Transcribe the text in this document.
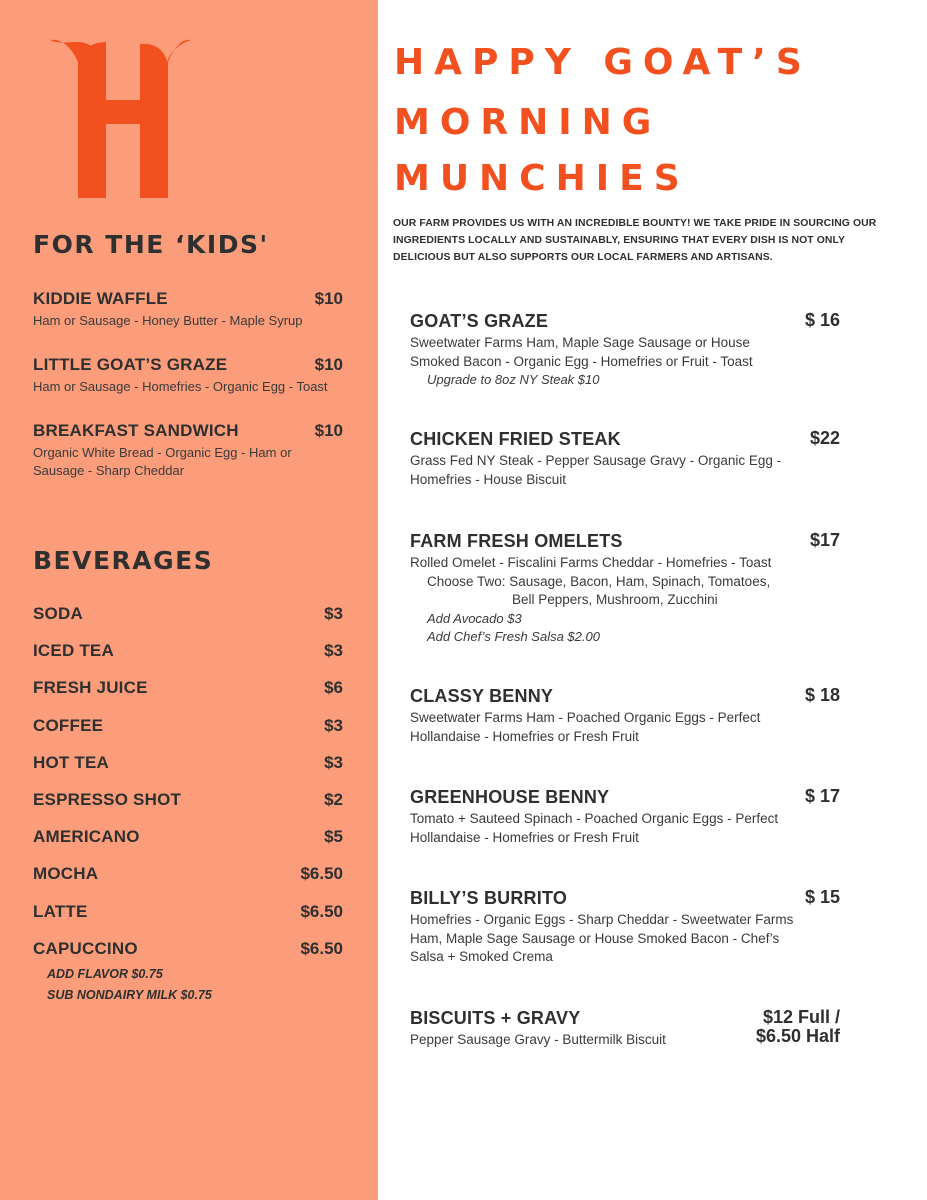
FOR THE ‘KIDS'
KIDDIE WAFFLE	$10
Ham or Sausage - Honey Butter - Maple Syrup
LITTLE GOAT’S GRAZE	$10
Ham or Sausage - Homefries - Organic Egg - Toast
BREAKFAST SANDWICH	$10
Organic White Bread - Organic Egg - Ham or Sausage - Sharp Cheddar
BEVERAGES
SODA	$3
ICED TEA	$3
FRESH JUICE	$6
COFFEE	$3
HOT TEA	$3
ESPRESSO SHOT	$2
AMERICANO	$5
MOCHA	$6.50
LATTE	$6.50
CAPUCCINO	$6.50
ADD FLAVOR $0.75
SUB NONDAIRY MILK $0.75
HAPPY GOAT’S
MORNING
MUNCHIES

OUR FARM PROVIDES US WITH AN INCREDIBLE BOUNTY! WE TAKE PRIDE IN SOURCING OUR INGREDIENTS LOCALLY AND SUSTAINABLY, ENSURING THAT EVERY DISH IS NOT ONLY DELICIOUS BUT ALSO SUPPORTS OUR LOCAL FARMERS AND ARTISANS.

GOAT’S GRAZE	$ 16
Sweetwater Farms Ham, Maple Sage Sausage or House Smoked Bacon - Organic Egg - Homefries or Fruit - Toast
Upgrade to 8oz NY Steak $10
CHICKEN FRIED STEAK	$22
Grass Fed NY Steak - Pepper Sausage Gravy - Organic Egg - Homefries - House Biscuit
FARM FRESH OMELETS	$17
Rolled Omelet - Fiscalini Farms Cheddar - Homefries - Toast
Choose Two: Sausage, Bacon, Ham, Spinach, Tomatoes,
Bell Peppers, Mushroom, Zucchini
Add Avocado $3
Add Chef’s Fresh Salsa $2.00
CLASSY BENNY	$ 18
Sweetwater Farms Ham - Poached Organic Eggs - Perfect Hollandaise - Homefries or Fresh Fruit
GREENHOUSE BENNY	$ 17
Tomato + Sauteed Spinach - Poached Organic Eggs - Perfect Hollandaise - Homefries or Fresh Fruit
BILLY’S BURRITO	$ 15
Homefries - Organic Eggs - Sharp Cheddar - Sweetwater Farms Ham, Maple Sage Sausage or House Smoked Bacon - Chef’s Salsa + Smoked Crema
BISCUITS + GRAVY	$12 Full /
$6.50 Half
Pepper Sausage Gravy - Buttermilk Biscuit
